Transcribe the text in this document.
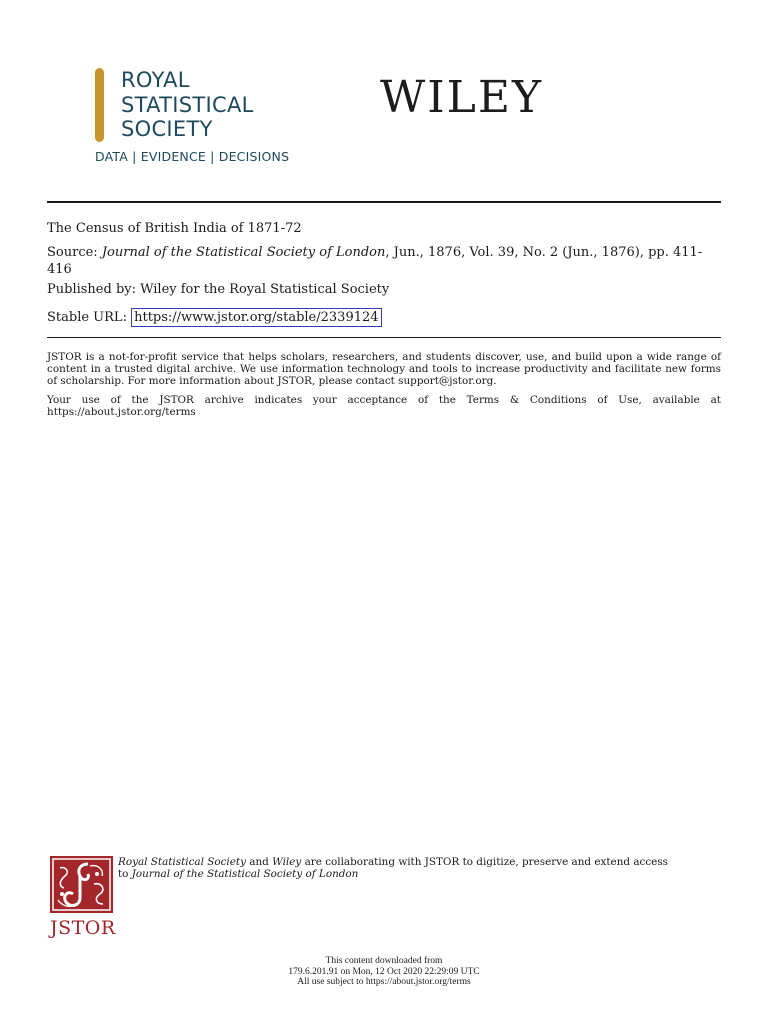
ROYAL
STATISTICAL
SOCIETY
DATA | EVIDENCE | DECISIONS
WILEY
The Census of British India of 1871-72
Source: Journal of the Statistical Society of London, Jun., 1876, Vol. 39, No. 2 (Jun., 1876), pp. 411-416
Published by: Wiley for the Royal Statistical Society
Stable URL: https://www.jstor.org/stable/2339124
JSTOR is a not-for-profit service that helps scholars, researchers, and students discover, use, and build upon a wide range of content in a trusted digital archive. We use information technology and tools to increase productivity and facilitate new forms of scholarship. For more information about JSTOR, please contact support@jstor.org.
Your use of the JSTOR archive indicates your acceptance of the Terms & Conditions of Use, available at https://about.jstor.org/terms
JSTOR
Royal Statistical Society and Wiley are collaborating with JSTOR to digitize, preserve and extend access to Journal of the Statistical Society of London
This content downloaded from
179.6.201.91 on Mon, 12 Oct 2020 22:29:09 UTC
All use subject to https://about.jstor.org/terms
